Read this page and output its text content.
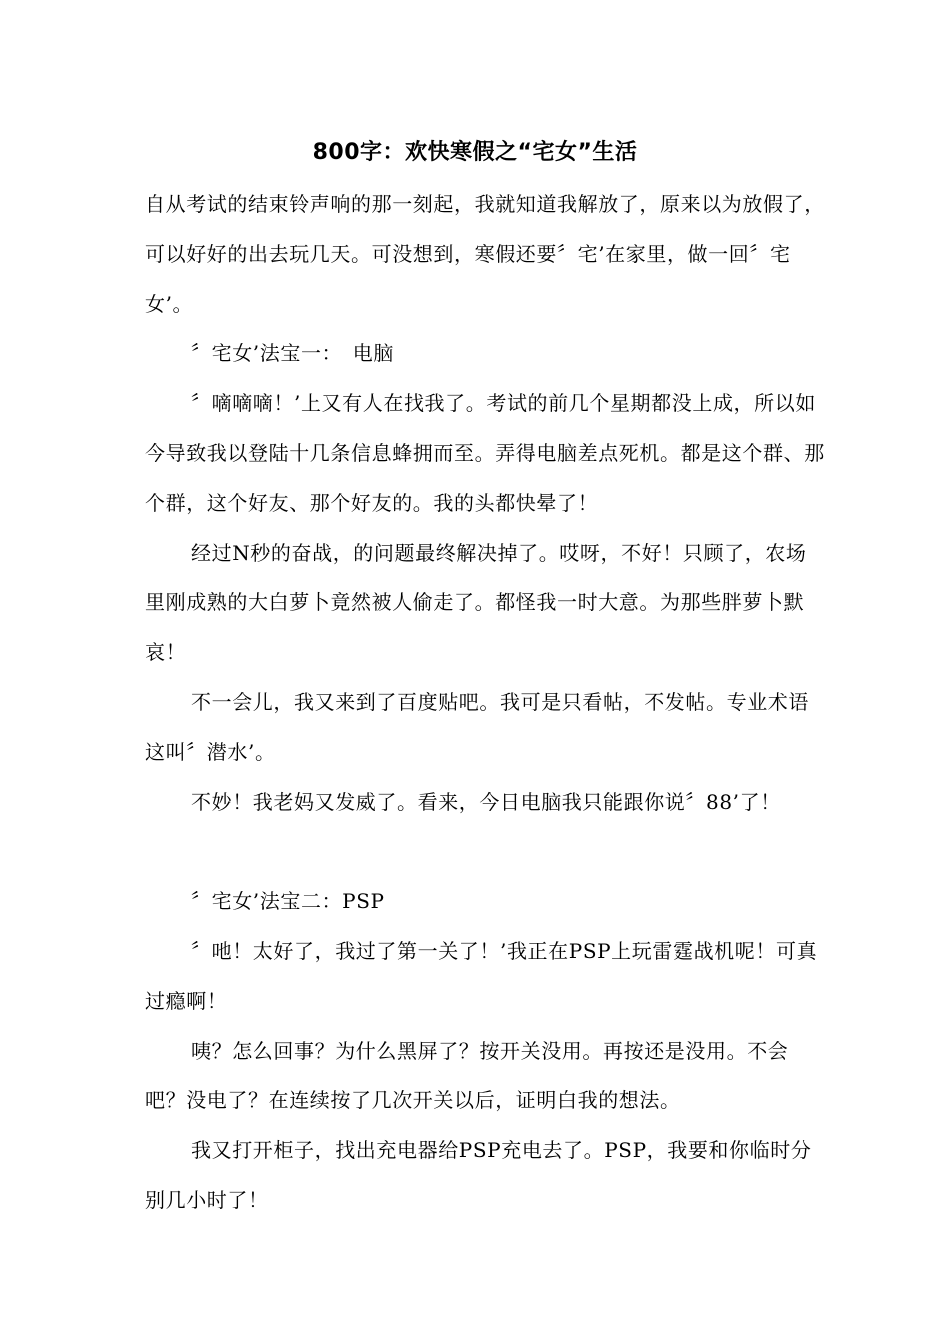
800字：欢快寒假之“宅女”生活

自从考试的结束铃声响的那一刻起，我就知道我解放了，原来以为放假了，可以好好的出去玩几天。可没想到，寒假还要〞宅’在家里，做一回〞宅女’。

〞宅女’法宝一：　电脑

〞嘀嘀嘀！’上又有人在找我了。考试的前几个星期都没上成，所以如今导致我以登陆十几条信息蜂拥而至。弄得电脑差点死机。都是这个群、那个群，这个好友、那个好友的。我的头都快晕了！

经过N秒的奋战，的问题最终解决掉了。哎呀，不好！只顾了，农场里刚成熟的大白萝卜竟然被人偷走了。都怪我一时大意。为那些胖萝卜默哀！

不一会儿，我又来到了百度贴吧。我可是只看帖，不发帖。专业术语这叫〞潜水’。

不妙！我老妈又发威了。看来，今日电脑我只能跟你说〞88’了！

〞宅女’法宝二：PSP

〞吔！太好了，我过了第一关了！’我正在PSP上玩雷霆战机呢！可真过瘾啊！

咦？怎么回事？为什么黑屏了？按开关没用。再按还是没用。不会吧？没电了？在连续按了几次开关以后，证明白我的想法。

我又打开柜子，找出充电器给PSP充电去了。PSP，我要和你临时分别几小时了！
